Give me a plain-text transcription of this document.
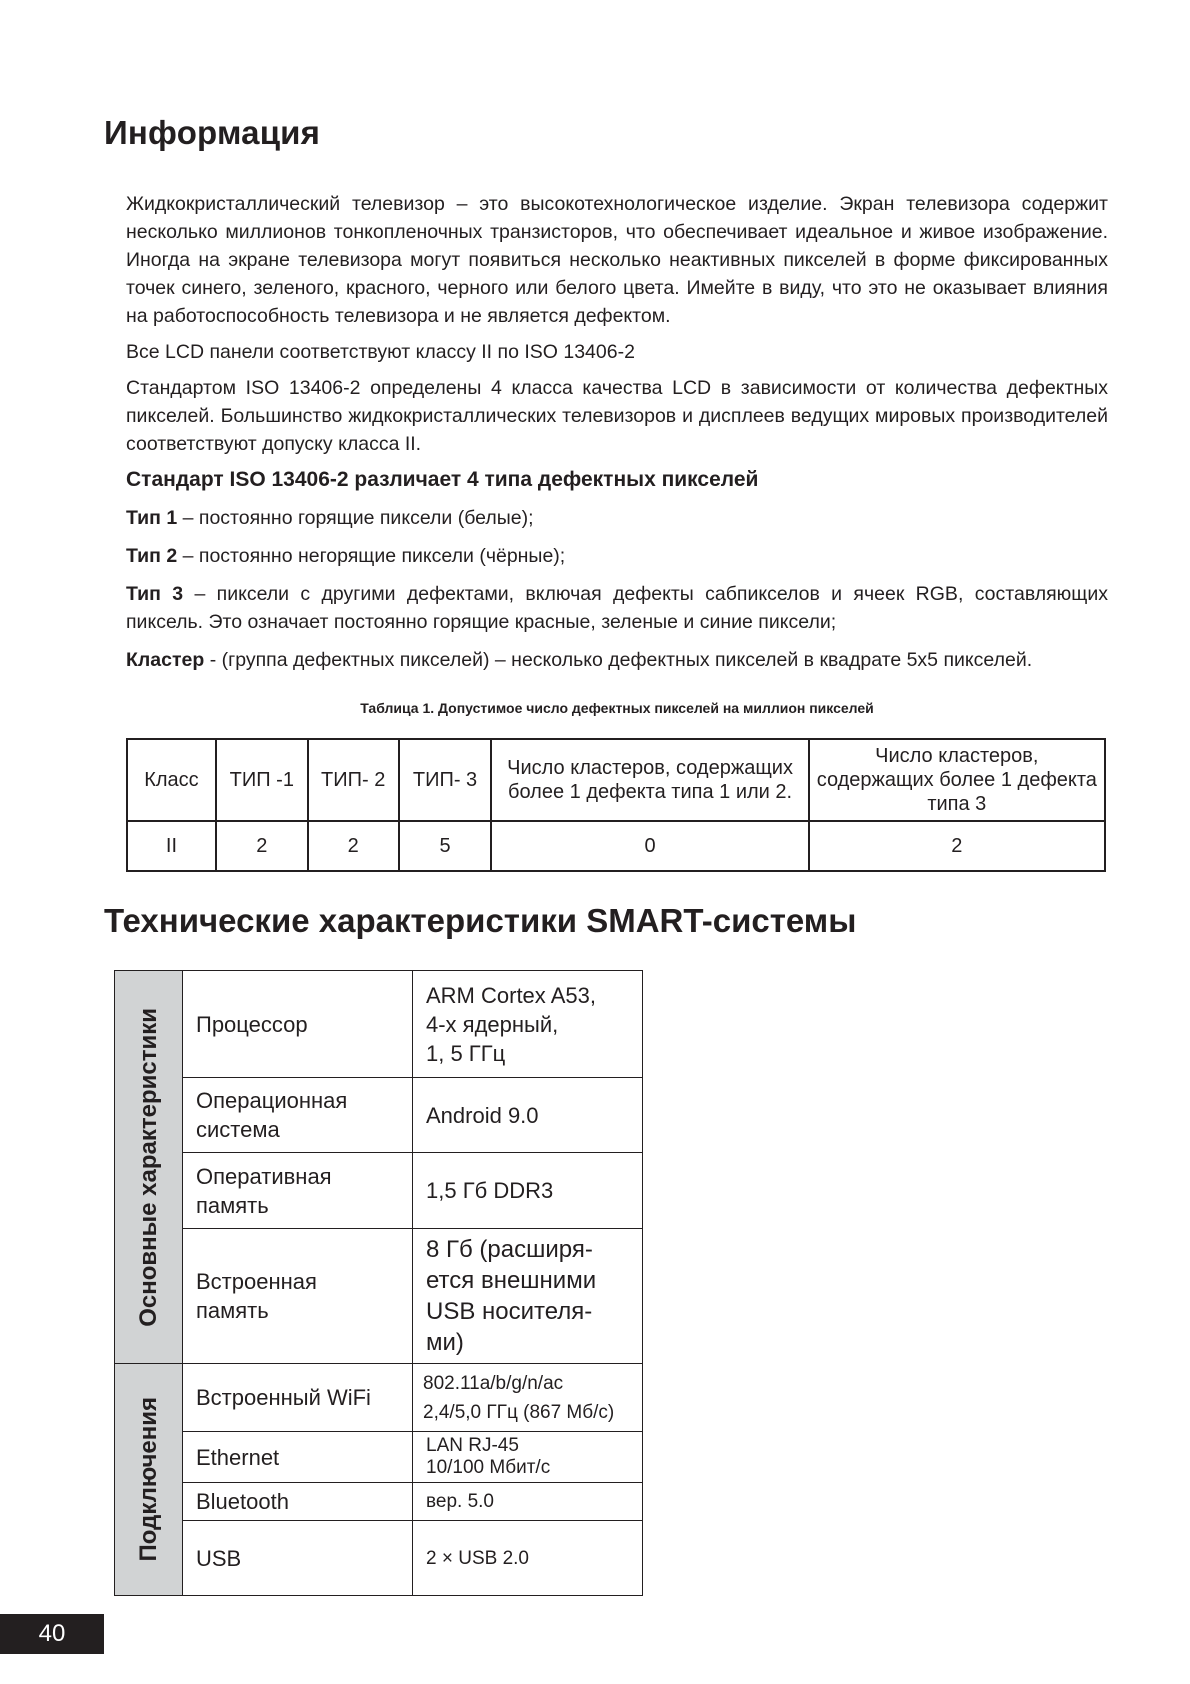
Информация

Жидкокристаллический телевизор – это высокотехнологическое изделие. Экран телевизора содержит несколько миллионов тонкопленочных транзисторов, что обеспечивает идеальное и живое изображение. Иногда на экране телевизора могут появиться несколько неактивных пикселей в форме фиксированных точек синего, зеленого, красного, черного или белого цвета. Имейте в виду, что это не оказывает влияния на работоспособность телевизора и не является дефектом.

Все LCD панели соответствуют классу II по ISO 13406-2

Стандартом ISO 13406-2 определены 4 класса качества LCD в зависимости от количества дефектных пикселей. Большинство жидкокристаллических телевизоров и дисплеев ведущих мировых производителей соответствуют допуску класса II.

Стандарт ISO 13406-2 различает 4 типа дефектных пикселей

Тип 1 – постоянно горящие пиксели (белые);

Тип 2 – постоянно негорящие пиксели (чёрные);

Тип 3 – пиксели с другими дефектами, включая дефекты сабпикселов и ячеек RGB, составляющих пиксель. Это означает постоянно горящие красные, зеленые и синие пиксели;

Кластер - (группа дефектных пикселей) – несколько дефектных пикселей в квадрате 5х5 пикселей.

Таблица 1. Допустимое число дефектных пикселей на миллион пикселей
Класс	ТИП -1	ТИП- 2	ТИП- 3	Число кластеров, содержащих более 1 дефекта типа 1 или 2.	Число кластеров, содержащих более 1 дефекта типа 3
II	2	2	5	0	2
Технические характеристики SMART-системы
Основные характеристики	Процессор	ARM Cortex A53,
4-х ядерный,
1, 5 ГГц
	Операционная
система	Android 9.0
	Оперативная
память	1,5 Гб DDR3
	Встроенная
память	8 Гб (расширя-
ется внешними
USB носителя-
ми)

Подключения	Встроенный WiFi	802.11a/b/g/n/ac
2,4/5,0 ГГц (867 Мб/с)
	Ethernet	LAN RJ-45
10/100 Мбит/с
	Bluetooth	вер. 5.0
	USB	2 × USB 2.0
40
